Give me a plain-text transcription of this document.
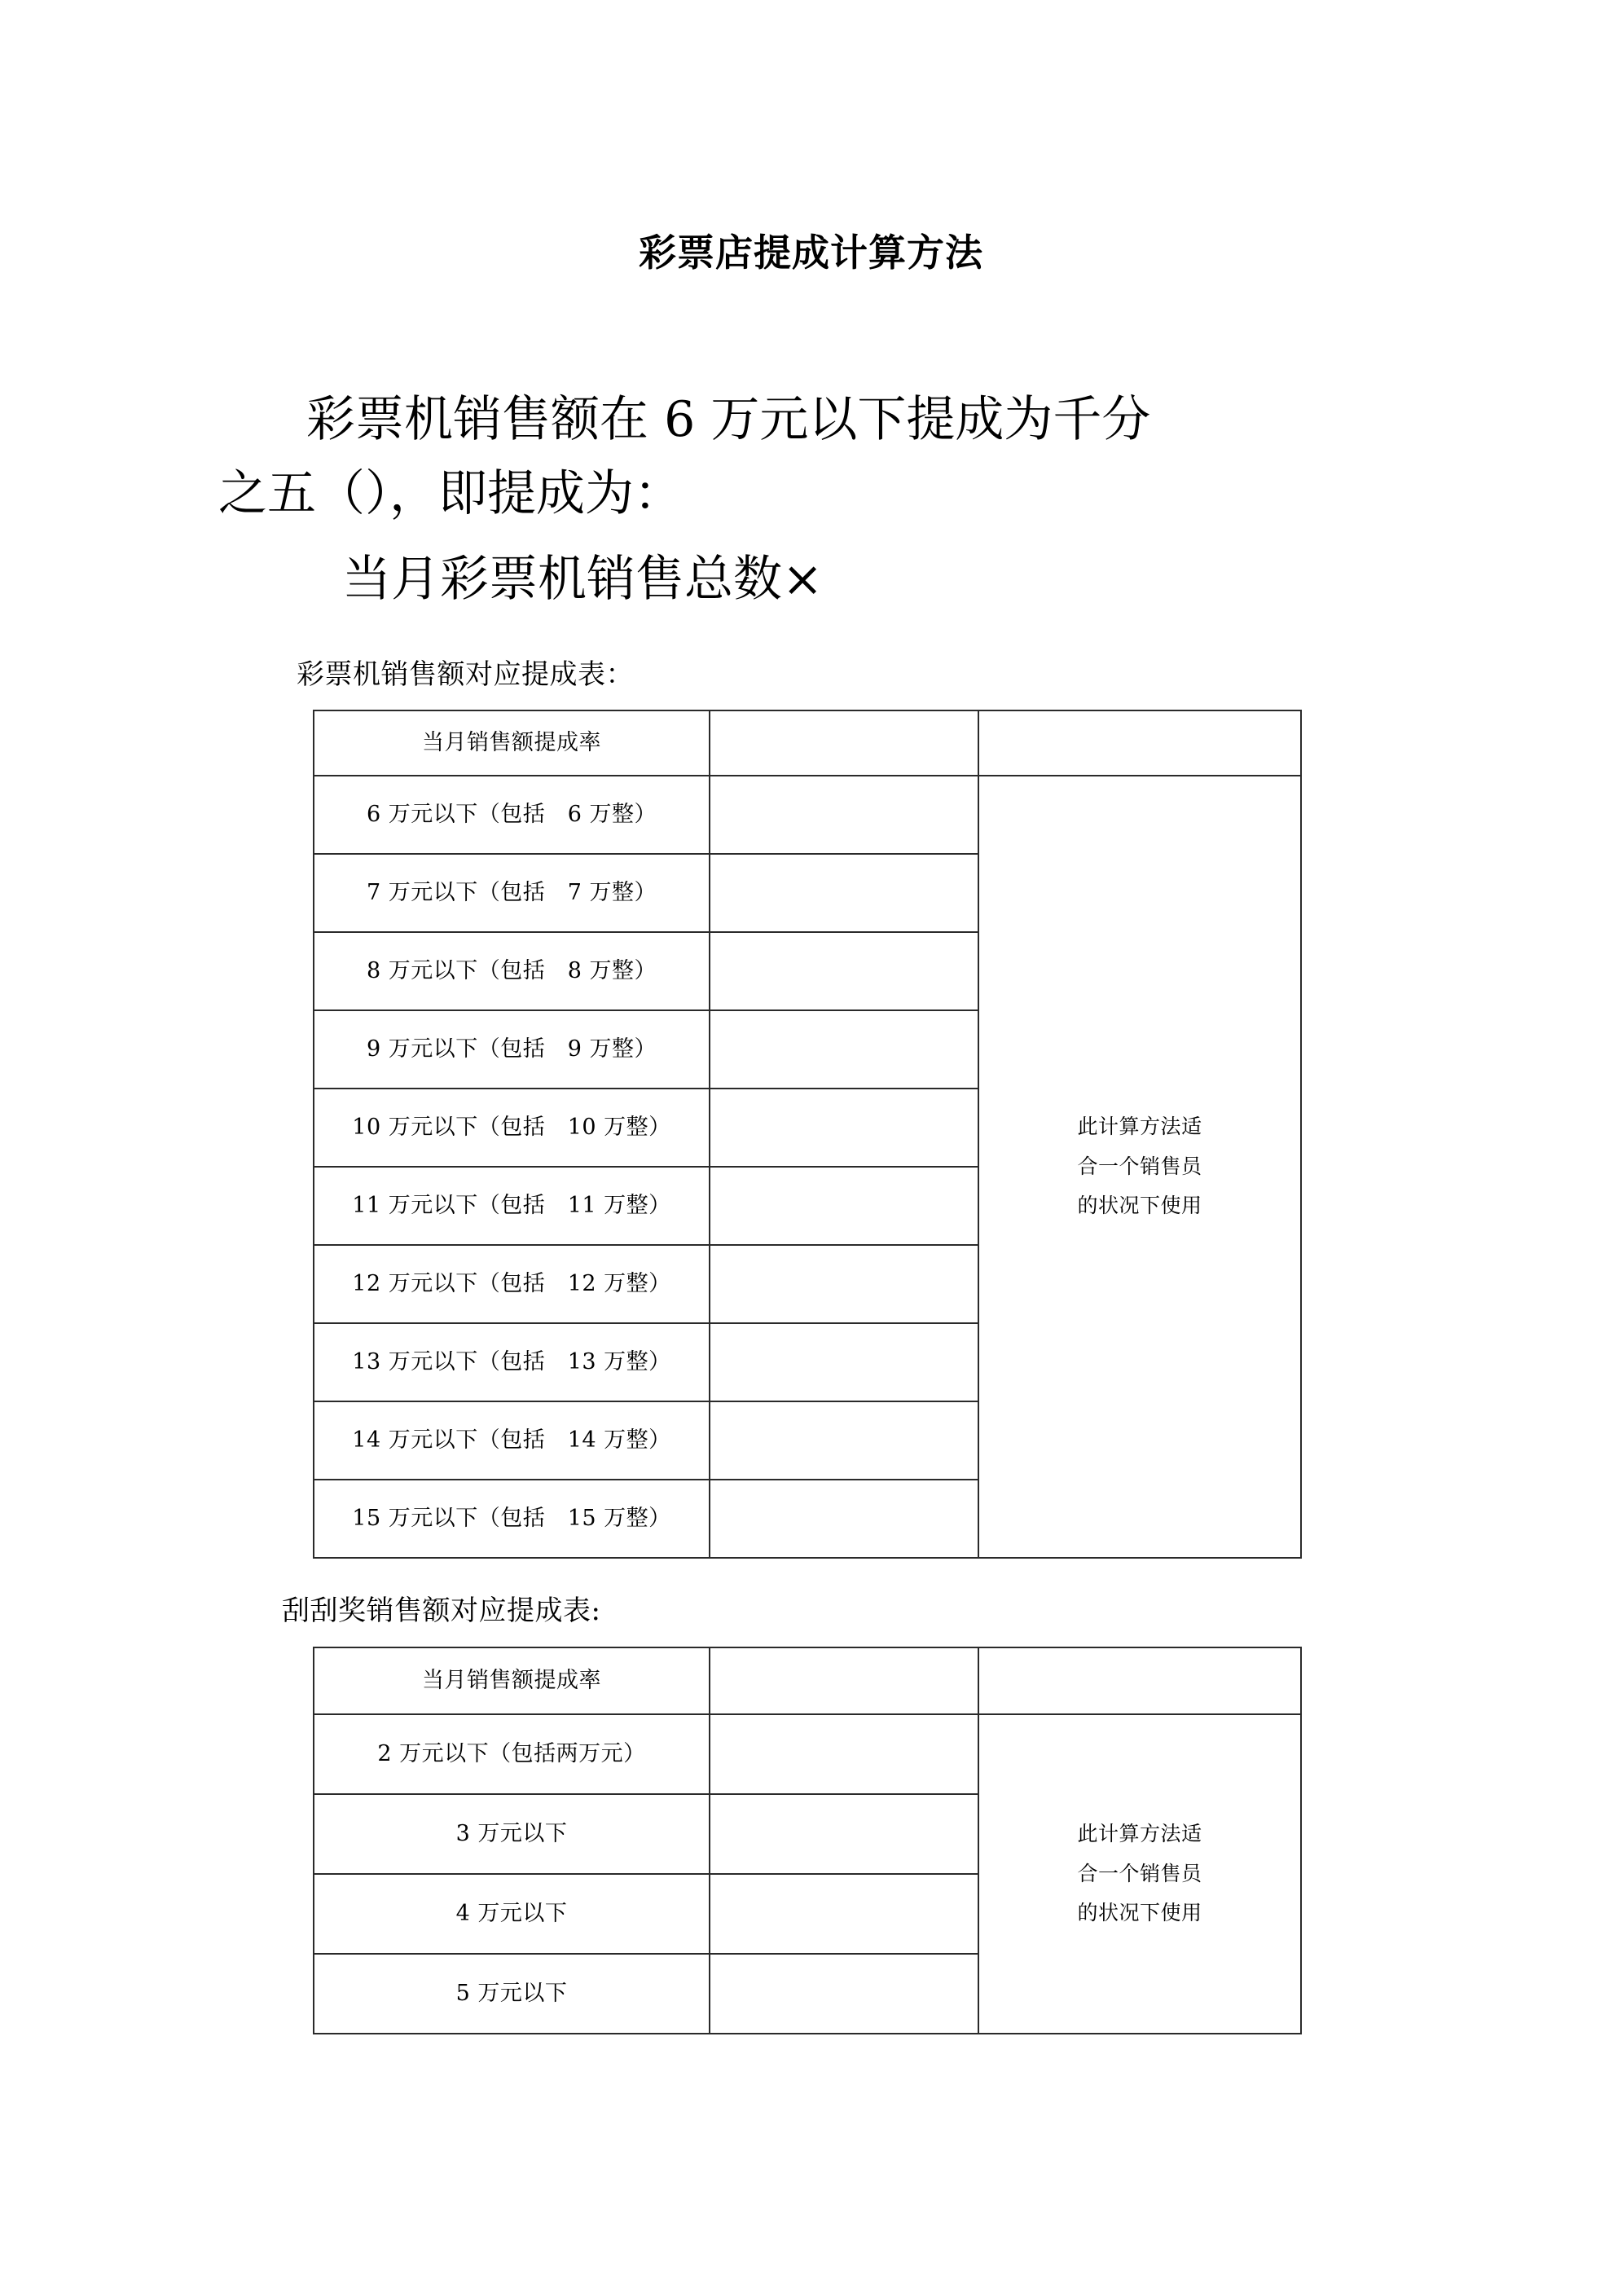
彩票店提成计算方法
彩票机销售额在 6 万元以下提成为千分
之五（），即提成为：
当月彩票机销售总数×
彩票机销售额对应提成表：
当月销售额提成率		
6 万元以下（包括　6 万整）		此计算方法适
合一个销售员
的状况下使用

7 万元以下（包括　7 万整）		
8 万元以下（包括　8 万整）		
9 万元以下（包括　9 万整）		
10 万元以下（包括　10 万整）		
11 万元以下（包括　11 万整）		
12 万元以下（包括　12 万整）		
13 万元以下（包括　13 万整）		
14 万元以下（包括　14 万整）		
15 万元以下（包括　15 万整）		
刮刮奖销售额对应提成表:
当月销售额提成率		
2 万元以下（包括两万元）		此计算方法适
合一个销售员
的状况下使用

3 万元以下		
4 万元以下		
5 万元以下		
